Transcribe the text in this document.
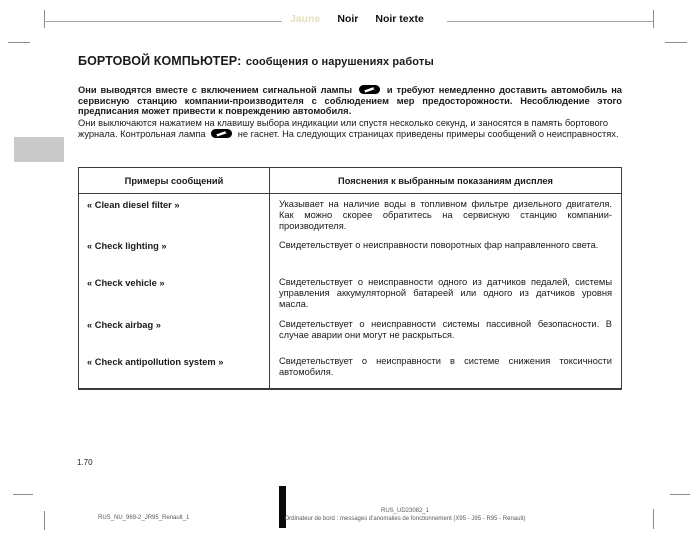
Jaune Noir Noir texte
БОРТОВОЙ КОМПЬЮТЕР: сообщения о нарушениях работы
Они выводятся вместе с включением сигнальной лампы	и требуют немедленно доставить автомобиль на сервисную станцию компании-производителя с соблюдением мер предосторожности. Несоблюдение этого предписания может привести к повреждению автомобиля.
Они выключаются нажатием на клавишу выбора индикации или спустя несколько секунд, и заносятся в память бортового журнала. Контрольная лампа	не гаснет. На следующих страницах приведены примеры сообщений о неисправностях.
Примеры сообщений	Пояснения к выбранным показаниям дисплея
« Clean diesel filter »	Указывает на наличие воды в топливном фильтре дизельного двигателя. Как можно скорее обратитесь на сервисную станцию компании-производителя.
« Check lighting »	Свидетельствует о неисправности поворотных фар направленного света.
« Check vehicle »	Свидетельствует о неисправности одного из датчиков педалей, системы управления аккумуляторной батареей или одного из датчиков уровня масла.
« Check airbag »	Свидетельствует о неисправности системы пассивной безопасности. В случае аварии они могут не раскрыться.
« Check antipollution system »	Свидетельствует о неисправности в системе снижения токсичности автомобиля.
1.70
RUS_NU_969-2_JR95_Renault_1
RUS_UD23082_1
Ordinateur de bord : messages d'anomalies de fonctionnement (X95 - J95 - R95 - Renault)
